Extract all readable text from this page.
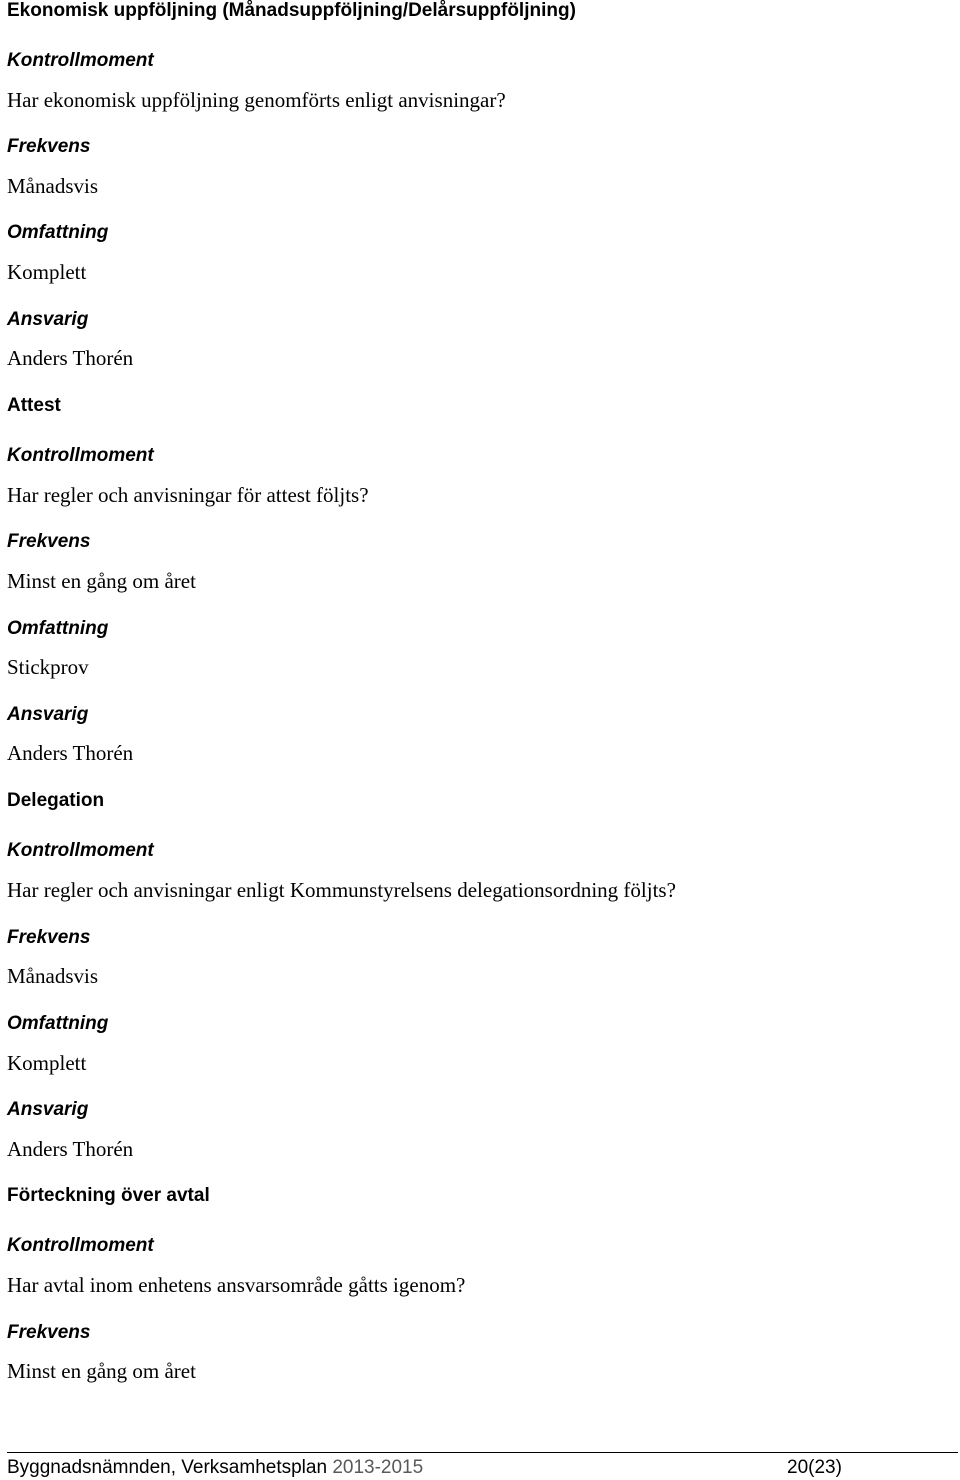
Ekonomisk uppföljning (Månadsuppföljning/Delårsuppföljning)
Kontrollmoment
Har ekonomisk uppföljning genomförts enligt anvisningar?
Frekvens
Månadsvis
Omfattning
Komplett
Ansvarig
Anders Thorén
Attest
Kontrollmoment
Har regler och anvisningar för attest följts?
Frekvens
Minst en gång om året
Omfattning
Stickprov
Ansvarig
Anders Thorén
Delegation
Kontrollmoment
Har regler och anvisningar enligt Kommunstyrelsens delegationsordning följts?
Frekvens
Månadsvis
Omfattning
Komplett
Ansvarig
Anders Thorén
Förteckning över avtal
Kontrollmoment
Har avtal inom enhetens ansvarsområde gåtts igenom?
Frekvens
Minst en gång om året
Byggnadsnämnden, Verksamhetsplan 2013-2015	20(23)
